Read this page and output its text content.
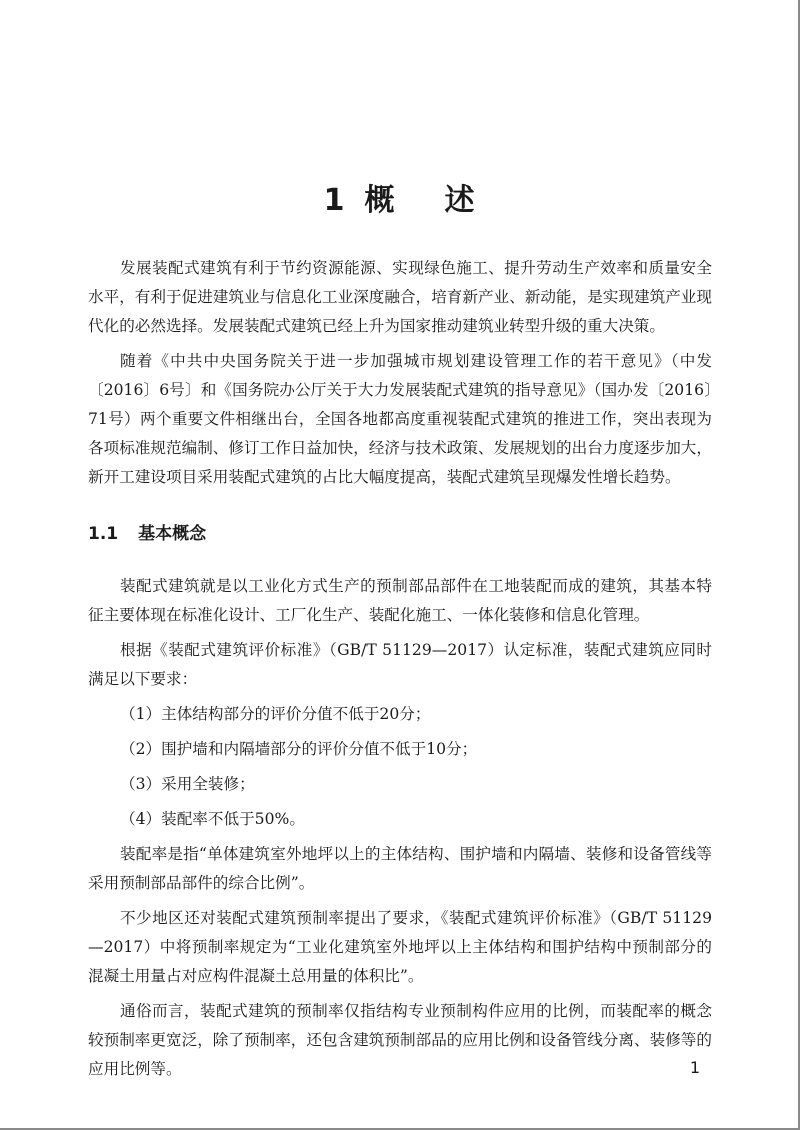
1 概 述

发展装配式建筑有利于节约资源能源、实现绿色施工、提升劳动生产效率和质量安全水平，有利于促进建筑业与信息化工业深度融合，培育新产业、新动能，是实现建筑产业现代化的必然选择。发展装配式建筑已经上升为国家推动建筑业转型升级的重大决策。

随着《中共中央国务院关于进一步加强城市规划建设管理工作的若干意见》（中发〔2016〕6号〕和《国务院办公厅关于大力发展装配式建筑的指导意见》（国办发〔2016〕71号）两个重要文件相继出台，全国各地都高度重视装配式建筑的推进工作，突出表现为各项标准规范编制、修订工作日益加快，经济与技术政策、发展规划的出台力度逐步加大，新开工建设项目采用装配式建筑的占比大幅度提高，装配式建筑呈现爆发性增长趋势。

1.1 基本概念

装配式建筑就是以工业化方式生产的预制部品部件在工地装配而成的建筑，其基本特征主要体现在标准化设计、工厂化生产、装配化施工、一体化装修和信息化管理。

根据《装配式建筑评价标准》（GB/T 51129—2017）认定标准，装配式建筑应同时满足以下要求：

（1）主体结构部分的评价分值不低于20分；
（2）围护墙和内隔墙部分的评价分值不低于10分；
（3）采用全装修；
（4）装配率不低于50%。

装配率是指“单体建筑室外地坪以上的主体结构、围护墙和内隔墙、装修和设备管线等采用预制部品部件的综合比例”。

不少地区还对装配式建筑预制率提出了要求，《装配式建筑评价标准》（GB/T 51129—2017）中将预制率规定为“工业化建筑室外地坪以上主体结构和围护结构中预制部分的混凝土用量占对应构件混凝土总用量的体积比”。

通俗而言，装配式建筑的预制率仅指结构专业预制构件应用的比例，而装配率的概念较预制率更宽泛，除了预制率，还包含建筑预制部品的应用比例和设备管线分离、装修等的应用比例等。	1
